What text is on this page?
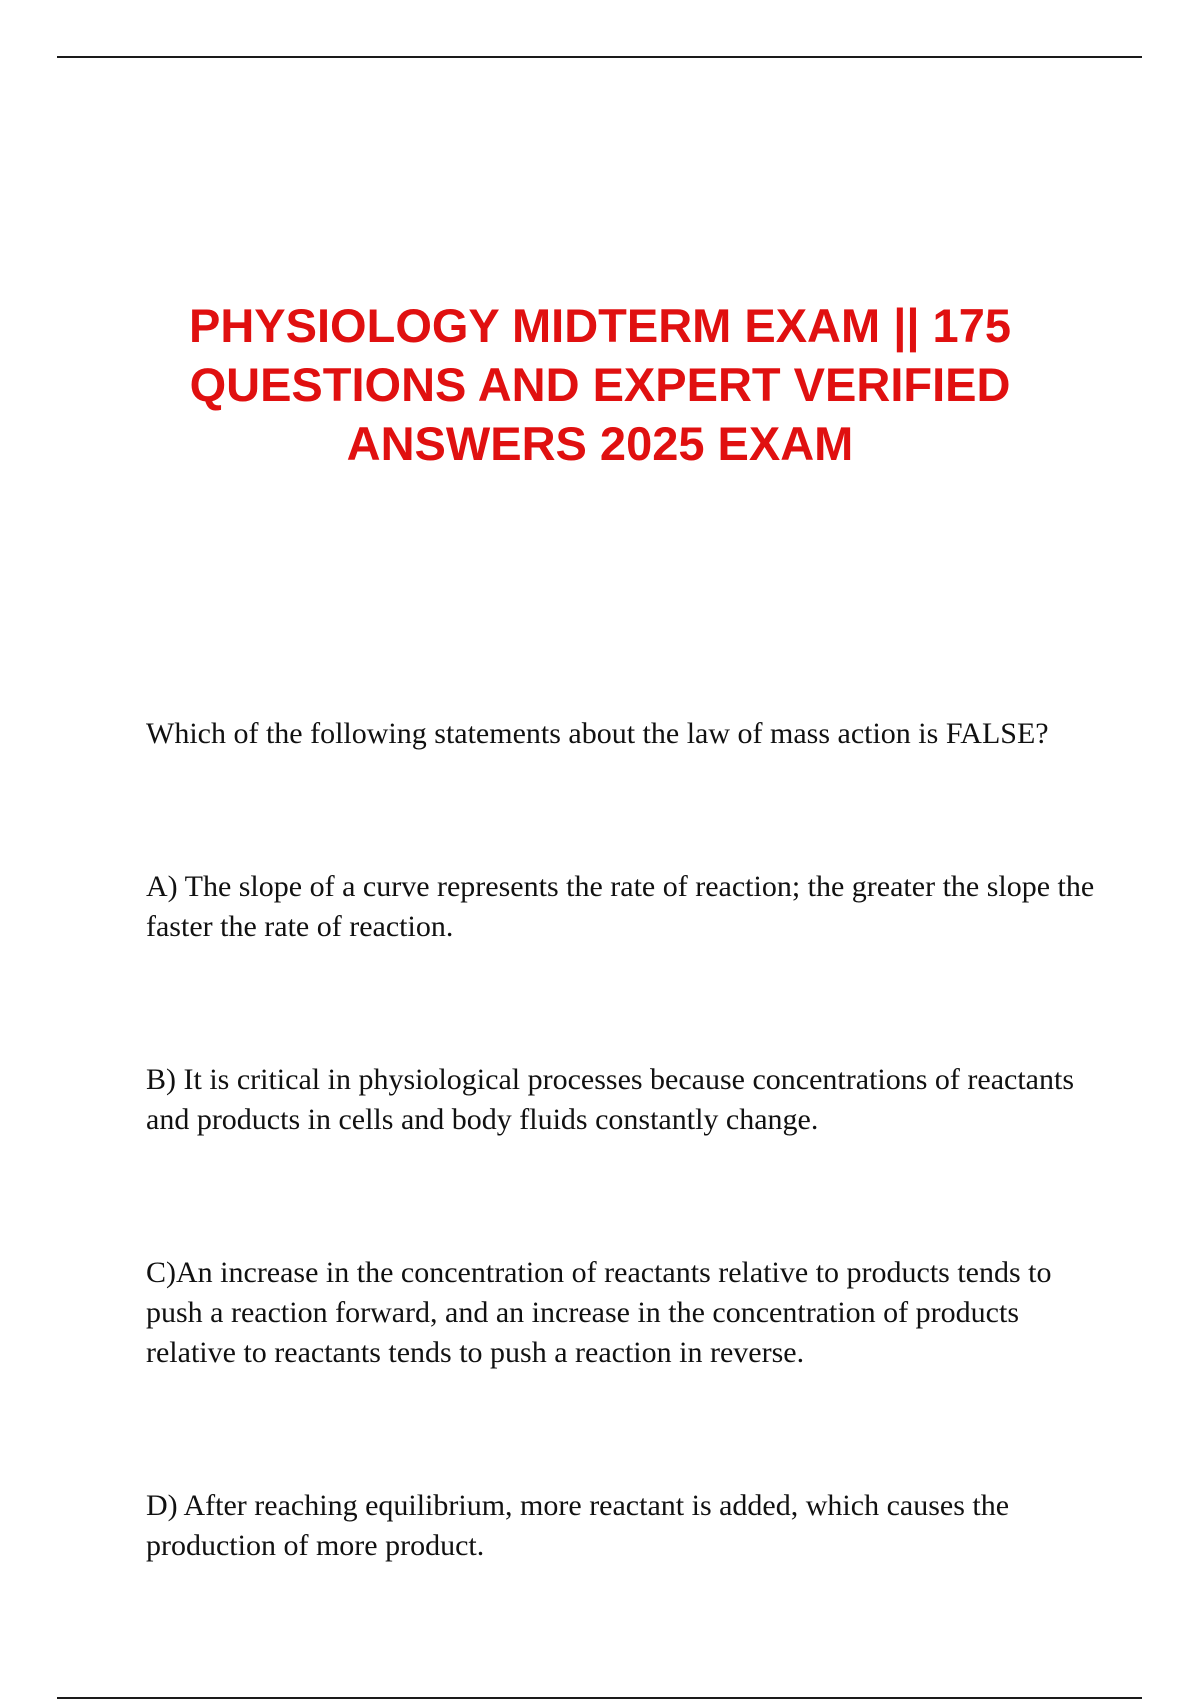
PHYSIOLOGY MIDTERM EXAM || 175 QUESTIONS AND EXPERT VERIFIED ANSWERS 2025 EXAM

Which of the following statements about the law of mass action is FALSE?

A) The slope of a curve represents the rate of reaction; the greater the slope the faster the rate of reaction.

B) It is critical in physiological processes because concentrations of reactants and products in cells and body fluids constantly change.

C)An increase in the concentration of reactants relative to products tends to push a reaction forward, and an increase in the concentration of products relative to reactants tends to push a reaction in reverse.

D) After reaching equilibrium, more reactant is added, which causes the production of more product.
